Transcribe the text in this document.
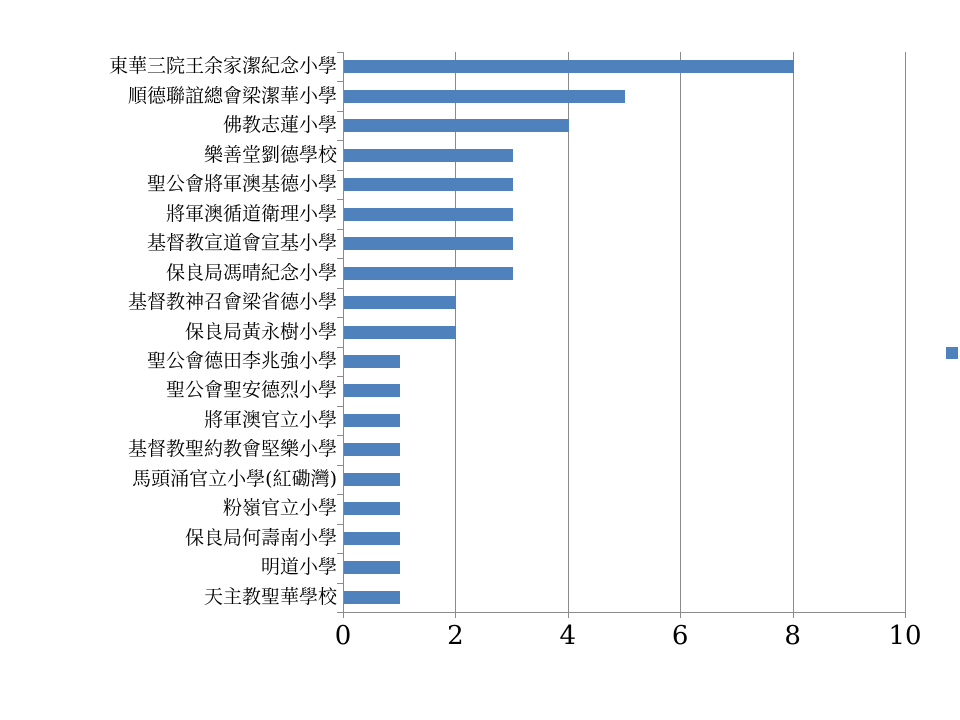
0	2	4	6	8	10
東華三院王余家潔紀念小學
順德聯誼總會梁潔華小學
佛教志蓮小學
樂善堂劉德學校
聖公會將軍澳基德小學
將軍澳循道衛理小學
基督教宣道會宣基小學
保良局馮晴紀念小學
基督教神召會梁省德小學
保良局黃永樹小學
聖公會德田李兆強小學
聖公會聖安德烈小學
將軍澳官立小學
基督教聖約教會堅樂小學
馬頭涌官立小學(紅磡灣)
粉嶺官立小學
保良局何壽南小學
明道小學
天主教聖華學校
